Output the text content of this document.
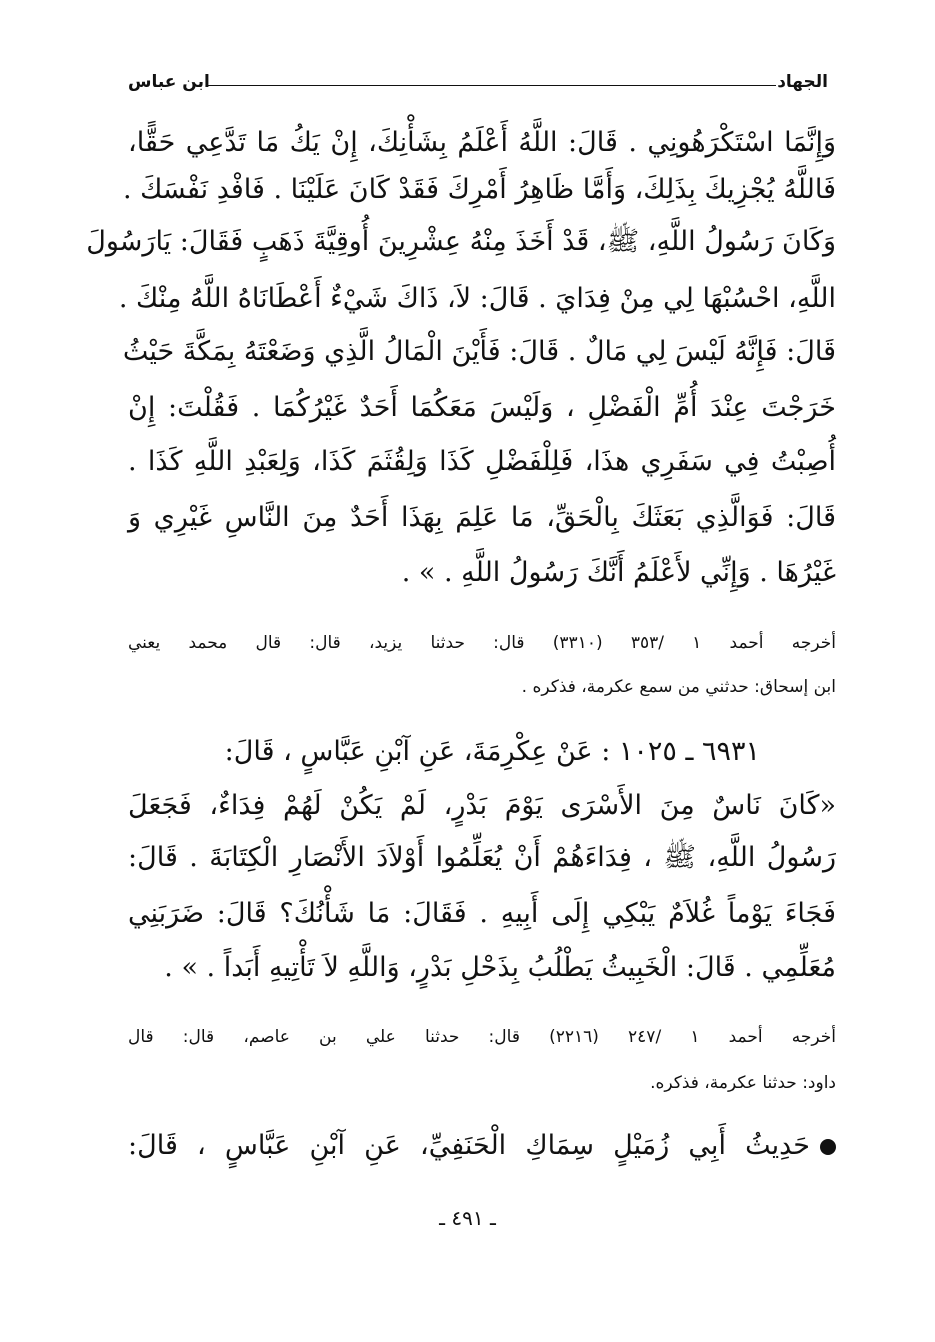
ابن عباس	الجهاد
وَإِنَّمَا اسْتَكْرَهُونِي . قَالَ: اللَّهُ أَعْلَمُ بِشَأْنِكَ، إِنْ يَكُ مَا تَدَّعِي حَقًّا،
فَاللَّهُ يُجْزِيكَ بِذَلِكَ، وَأَمَّا ظَاهِرُ أَمْرِكَ فَقَدْ كَانَ عَلَيْنَا . فَافْدِ نَفْسَكَ .
وَكَانَ رَسُولُ اللَّهِ، ﷺ، قَدْ أَخَذَ مِنْهُ عِشْرِينَ أُوقِيَّةَ ذَهَبٍ فَقَالَ: يَارَسُولَ
اللَّهِ، احْسُبْهَا لِي مِنْ فِدَايَ . قَالَ: لاَ، ذَاكَ شَيْءٌ أَعْطَانَاهُ اللَّهُ مِنْكَ .
قَالَ: فَإِنَّهُ لَيْسَ لِي مَالٌ . قَالَ: فَأَيْنَ الْمَالُ الَّذِي وَضَعْتَهُ بِمَكَّةَ حَيْثُ
خَرَجْتَ عِنْدَ أُمِّ الْفَضْلِ ، وَلَيْسَ مَعَكُمَا أَحَدٌ غَيْرُكُمَا . فَقُلْتَ: إِنْ
أُصِبْتُ فِي سَفَرِي هذَا، فَلِلْفَضْلِ كَذَا وَلِقُثَمَ كَذَا، وَلِعَبْدِ اللَّهِ كَذَا .
قَالَ: فَوَالَّذِي بَعَثَكَ بِالْحَقِّ، مَا عَلِمَ بِهَذَا أَحَدٌ مِنَ النَّاسِ غَيْرِي وَ
غَيْرُهَا . وَإِنِّي لأَعْلَمُ أَنَّكَ رَسُولُ اللَّهِ . » .
أخرجه أحمد ١ /٣٥٣ (٣٣١٠) قال: حدثنا يزيد، قال: قال محمد يعني
ابن إسحاق: حدثني من سمع عكرمة، فذكره .
٦٩٣١ ـ ١٠٢٥ : عَنْ عِكْرِمَةَ، عَنِ آبْنِ عَبَّاسٍ ، قَالَ:
«كَانَ نَاسٌ مِنَ الأَسْرَى يَوْمَ بَدْرٍ، لَمْ يَكُنْ لَهُمْ فِدَاءٌ، فَجَعَلَ
رَسُولُ اللَّهِ، ﷺ ، فِدَاءَهُمْ أَنْ يُعَلِّمُوا أَوْلاَدَ الأَنْصَارِ الْكِتَابَةَ . قَالَ:
فَجَاءَ يَوْماً غُلاَمٌ يَبْكِي إِلَى أَبِيهِ . فَقَالَ: مَا شَأْنُكَ؟ قَالَ: ضَرَبَنِي
مُعَلِّمِي . قَالَ: الْخَبِيثُ يَطْلُبُ بِذَحْلِ بَدْرٍ، وَاللَّهِ لاَ تَأْتِيهِ أَبَداً . » .
أخرجه أحمد ١ /٢٤٧ (٢٢١٦) قال: حدثنا علي بن عاصم، قال: قال
داود: حدثنا عكرمة، فذكره.
حَدِيثُ أَبِي زُمَيْلٍ سِمَاكِ الْحَنَفِيِّ، عَنِ آبْنِ عَبَّاسٍ ، قَالَ:
ـ ٤٩١ ـ
